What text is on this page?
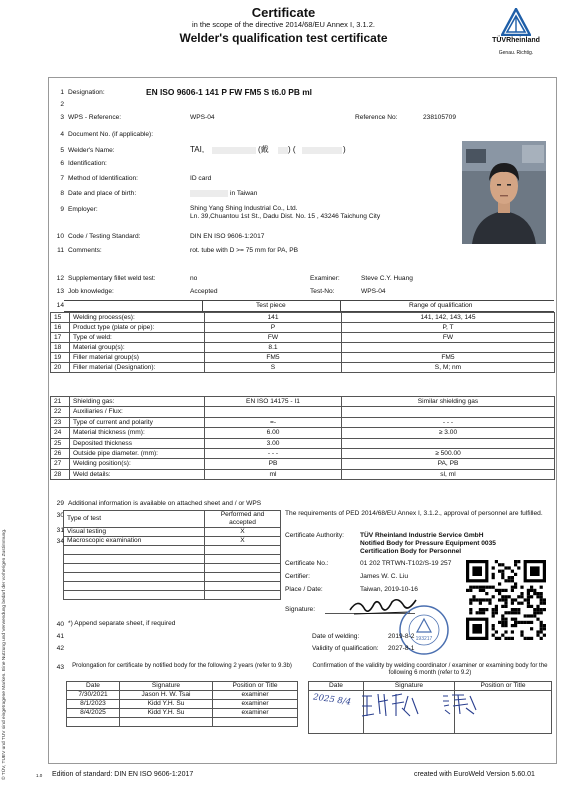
Certificate
in the scope of the directive 2014/68/EU Annex I, 3.1.2.
Welder's qualification test certificate	TÜVRheinland
Genau. Richtig.
© TÜV, TUEV und TUV sind eingetragene Marken. Eine Nutzung und Verwendung bedarf der vorherigen Zustimmung.
1 Designation:	EN ISO 9606-1 141 P FW FM5 S t6.0 PB ml
2
3 WPS - Reference:	WPS-04	Reference No:	238105709
4 Document No. (if applicable):
5 Welder's Name:	TAI,	(戴 ) (	)
6 Identification:
7 Method of Identification:	ID card
8 Date and place of birth:	in Taiwan
9 Employer:	Shing Yang Shing Industrial Co., Ltd.
Ln. 39,Chuantou 1st St., Dadu Dist. No. 15 , 43246 Taichung City
10 Code / Testing Standard:	DIN EN ISO 9606-1:2017
11 Comments:	rot. tube with D >= 75 mm for PA, PB
12 Supplementary fillet weld test:	no	Examiner:	Steve C.Y. Huang
13 Job knowledge:	Accepted	Test-No:	WPS-04
14	Test piece	Range of qualification
15	Welding process(es):	141	141, 142, 143, 145
16	Product type (plate or pipe):	P	P, T
17	Type of weld:	FW	FW
18	Material group(s):	8.1	
19	Filler material group(s)	FM5	FM5
20	Filler material (Designation):	S	S, M; nm
21	Shielding gas:	EN ISO 14175 - I1	Similar shielding gas
22	Auxiliaries / Flux:		
23	Type of current and polarity	=-	- - -
24	Material thickness (mm):	6.00	≥ 3.00
25	Deposited thickness	3.00	
26	Outside pipe diameter. (mm):	- - -	≥ 500.00
27	Welding position(s):	PB	PA, PB
28	Weld details:	ml	sl, ml
29 Additional information is available on attached sheet and / or WPS
30 Type of test	Performed and accepted
Visual testing	X
Macroscopic examination	X

The requirements of PED 2014/68/EU Annex I, 3.1.2., approval of personnel are fulfilled.
Certificate Authority: TÜV Rheinland Industrie Service GmbH
Notified Body for Pressure Equipment 0035
Certification Body for Personnel
Certificate No.:	01 202 TRTWN-T102/S-19 257
Certifier:	James W. C. Liu
Place / Date:	Taiwan, 2019-10-16
Signature:
193217
40 *) Append separate sheet, if required
41	Date of welding:	2019-8-2
42	Validity of qualification: 2027-8-1
43	Prolongation for certificate by notified body for the following 2 years (refer to 9.3b)	Confirmation of the validity by welding coordinator / examiner or examining body for the following 6 month (refer to 9.2)
Date	Signature	Position or Title
7/30/2021	Jason H. W. Tsai	examiner
8/1/2023	Kidd Y.H. Su	examiner
8/4/2025	Kidd Y.H. Su	examiner

Date	Signature	Position or Title

2025 8/4
1.0 Edition of standard: DIN EN ISO 9606-1:2017	created with EuroWeld Version 5.60.01
31
34
